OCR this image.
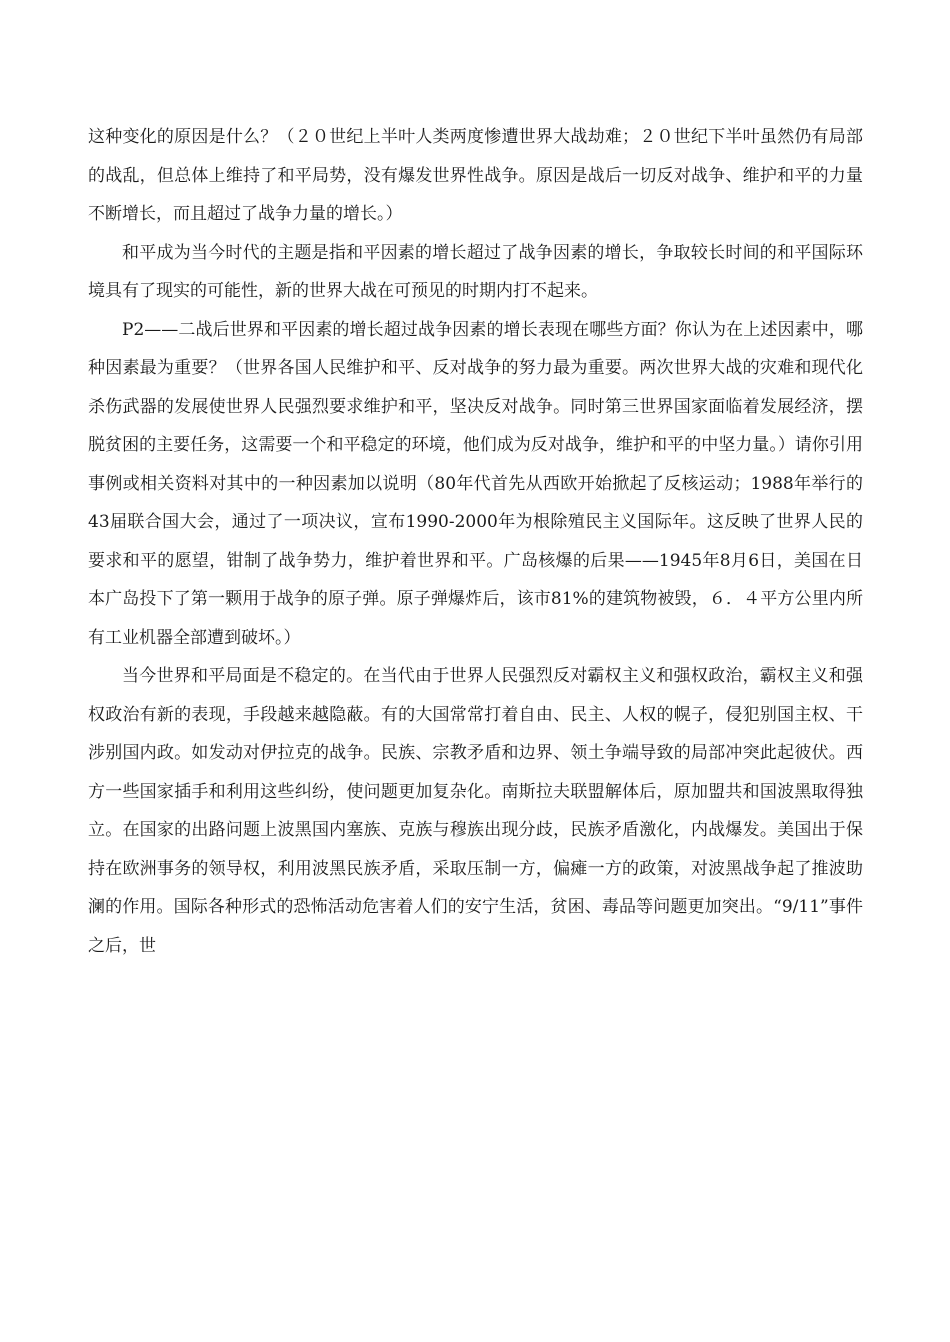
这种变化的原因是什么？（２０世纪上半叶人类两度惨遭世界大战劫难；２０世纪下半叶虽然仍有局部的战乱，但总体上维持了和平局势，没有爆发世界性战争。原因是战后一切反对战争、维护和平的力量不断增长，而且超过了战争力量的增长。）

和平成为当今时代的主题是指和平因素的增长超过了战争因素的增长，争取较长时间的和平国际环境具有了现实的可能性，新的世界大战在可预见的时期内打不起来。

P2——二战后世界和平因素的增长超过战争因素的增长表现在哪些方面？你认为在上述因素中，哪种因素最为重要？（世界各国人民维护和平、反对战争的努力最为重要。两次世界大战的灾难和现代化杀伤武器的发展使世界人民强烈要求维护和平，坚决反对战争。同时第三世界国家面临着发展经济，摆脱贫困的主要任务，这需要一个和平稳定的环境，他们成为反对战争，维护和平的中坚力量。）请你引用事例或相关资料对其中的一种因素加以说明（80年代首先从西欧开始掀起了反核运动；1988年举行的43届联合国大会，通过了一项决议，宣布1990-2000年为根除殖民主义国际年。这反映了世界人民的要求和平的愿望，钳制了战争势力，维护着世界和平。广岛核爆的后果——1945年8月6日，美国在日本广岛投下了第一颗用于战争的原子弹。原子弹爆炸后，该市81%的建筑物被毁，６．４平方公里内所有工业机器全部遭到破坏。）

当今世界和平局面是不稳定的。在当代由于世界人民强烈反对霸权主义和强权政治，霸权主义和强权政治有新的表现，手段越来越隐蔽。有的大国常常打着自由、民主、人权的幌子，侵犯别国主权、干涉别国内政。如发动对伊拉克的战争。民族、宗教矛盾和边界、领土争端导致的局部冲突此起彼伏。西方一些国家插手和利用这些纠纷，使问题更加复杂化。南斯拉夫联盟解体后，原加盟共和国波黑取得独立。在国家的出路问题上波黑国内塞族、克族与穆族出现分歧，民族矛盾激化，内战爆发。美国出于保持在欧洲事务的领导权，利用波黑民族矛盾，采取压制一方，偏瘫一方的政策，对波黑战争起了推波助澜的作用。国际各种形式的恐怖活动危害着人们的安宁生活，贫困、毒品等问题更加突出。“9/11”事件之后，世
